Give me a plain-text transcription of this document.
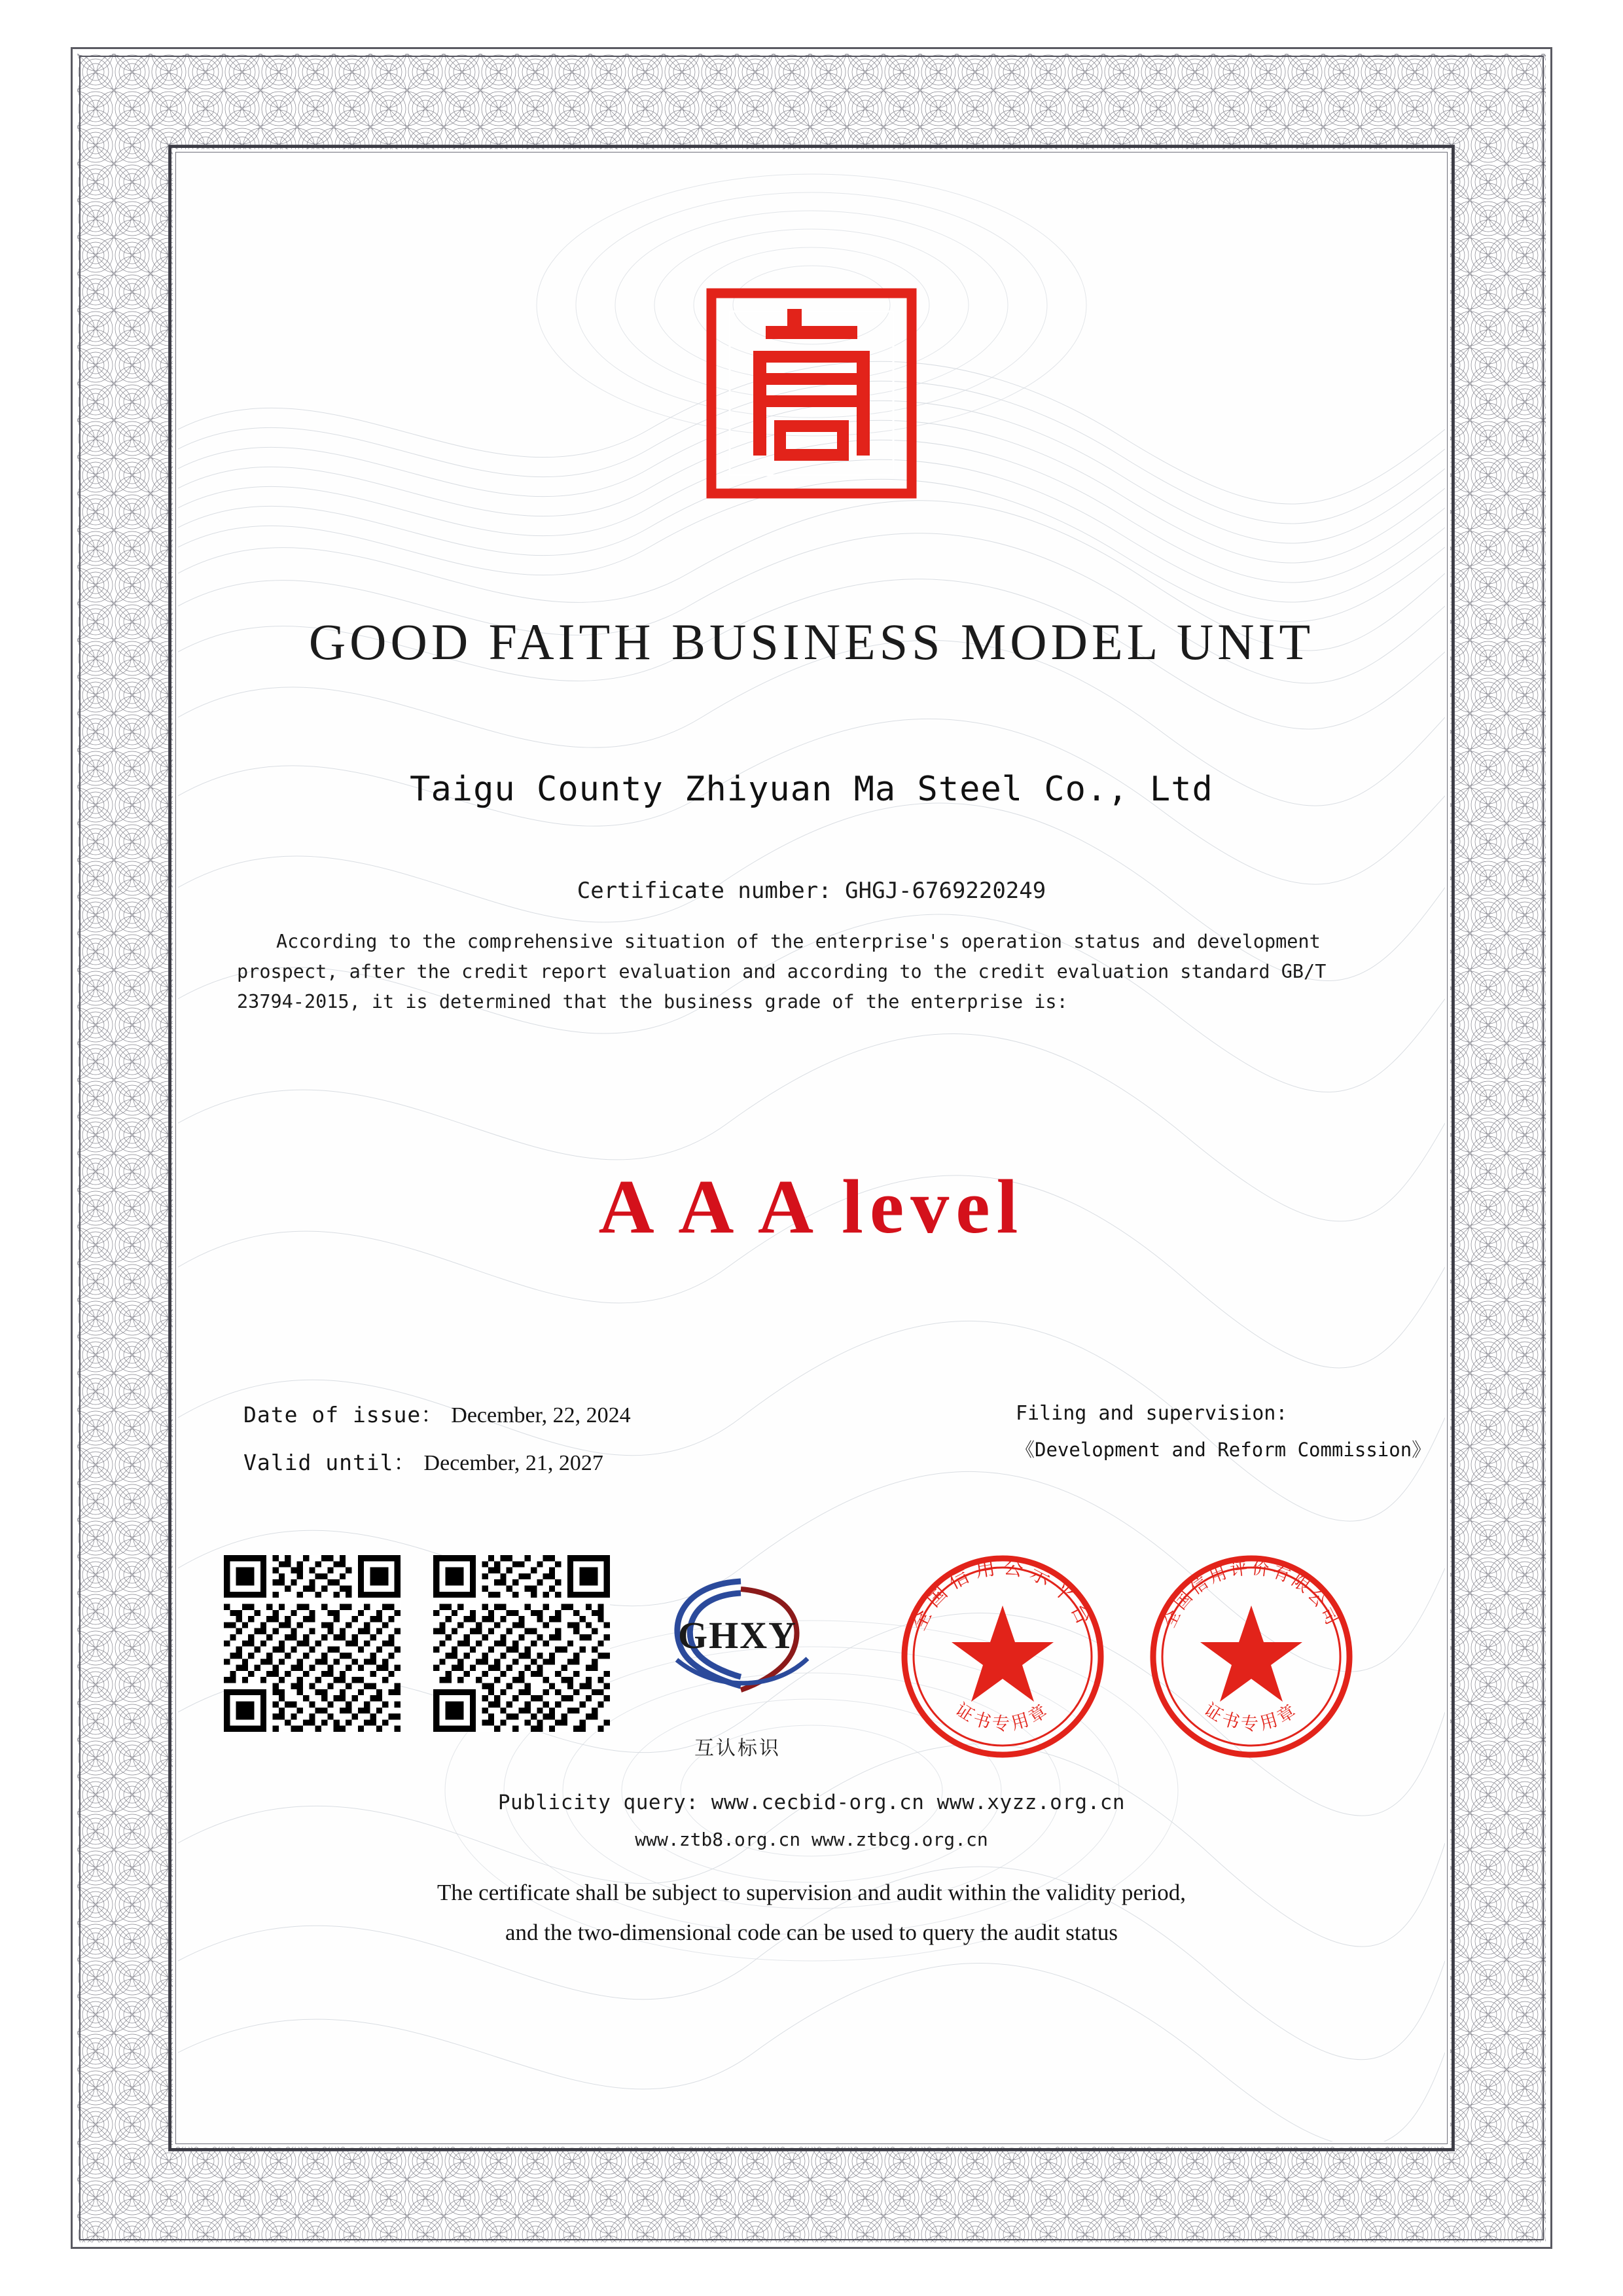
GOOD FAITH BUSINESS MODEL UNIT
Taigu County Zhiyuan Ma Steel Co., Ltd
Certificate number: GHGJ-6769220249
According to the comprehensive situation of the enterprise's operation status and development prospect, after the credit report evaluation and according to the credit evaluation standard GB/T 23794-2015, it is determined that the business grade of the enterprise is:
A A A level
Date of issue： December, 22, 2024
Valid until： December, 21, 2027
Filing and supervision:
《Development and Reform Commission》
GHXY
互认标识
全国信用公示平台
证书专用章
全国信用评价有限公司
证书专用章
Publicity query: www.cecbid-org.cn www.xyzz.org.cn
www.ztb8.org.cn www.ztbcg.org.cn
The certificate shall be subject to supervision and audit within the validity period,
and the two-dimensional code can be used to query the audit status
